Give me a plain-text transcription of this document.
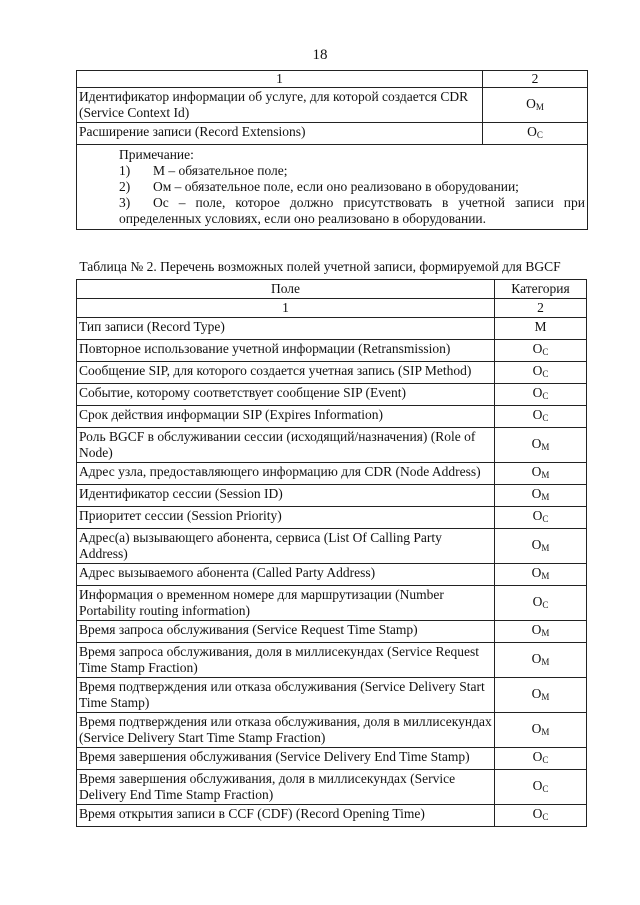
18
1	2
Идентификатор информации об услуге, для которой создается CDR (Service Context Id)	$О_М$
Расширение записи (Record Extensions)	$О_С$

Примечание:

1) М – обязательное поле;

2) Ом – обязательное поле, если оно реализовано в оборудовании;

3) Ос – поле, которое должно присутствовать в учетной записи при определенных условиях, если оно реализовано в оборудовании.	

Таблица № 2. Перечень возможных полей учетной записи, формируемой для BGCF
Поле	Категория
1	2
Тип записи (Record Type)	М
Повторное использование учетной информации (Retransmission)	$О_С$
Сообщение SIP, для которого создается учетная запись (SIP Method)	$О_С$
Событие, которому соответствует сообщение SIP (Event)	$О_С$
Срок действия информации SIP (Expires Information)	$О_С$
Роль BGCF в обслуживании сессии (исходящий/назначения) (Role of Node)	$О_М$
Адрес узла, предоставляющего информацию для CDR (Node Address)	$О_М$
Идентификатор сессии (Session ID)	$О_М$
Приоритет сессии (Session Priority)	$О_С$
Адрес(а) вызывающего абонента, сервиса (List Of Calling Party Address)	$О_М$
Адрес вызываемого абонента (Called Party Address)	$О_М$
Информация о временном номере для маршрутизации (Number Portability routing information)	$О_С$
Время запроса обслуживания (Service Request Time Stamp)	$О_М$
Время запроса обслуживания, доля в миллисекундах (Service Request Time Stamp Fraction)	$О_М$
Время подтверждения или отказа обслуживания (Service Delivery Start Time Stamp)	$О_М$
Время подтверждения или отказа обслуживания, доля в миллисекундах (Service Delivery Start Time Stamp Fraction)	$О_М$
Время завершения обслуживания (Service Delivery End Time Stamp)	$О_С$
Время завершения обслуживания, доля в миллисекундах (Service Delivery End Time Stamp Fraction)	$О_С$
Время открытия записи в CCF (CDF) (Record Opening Time)	$О_С$
